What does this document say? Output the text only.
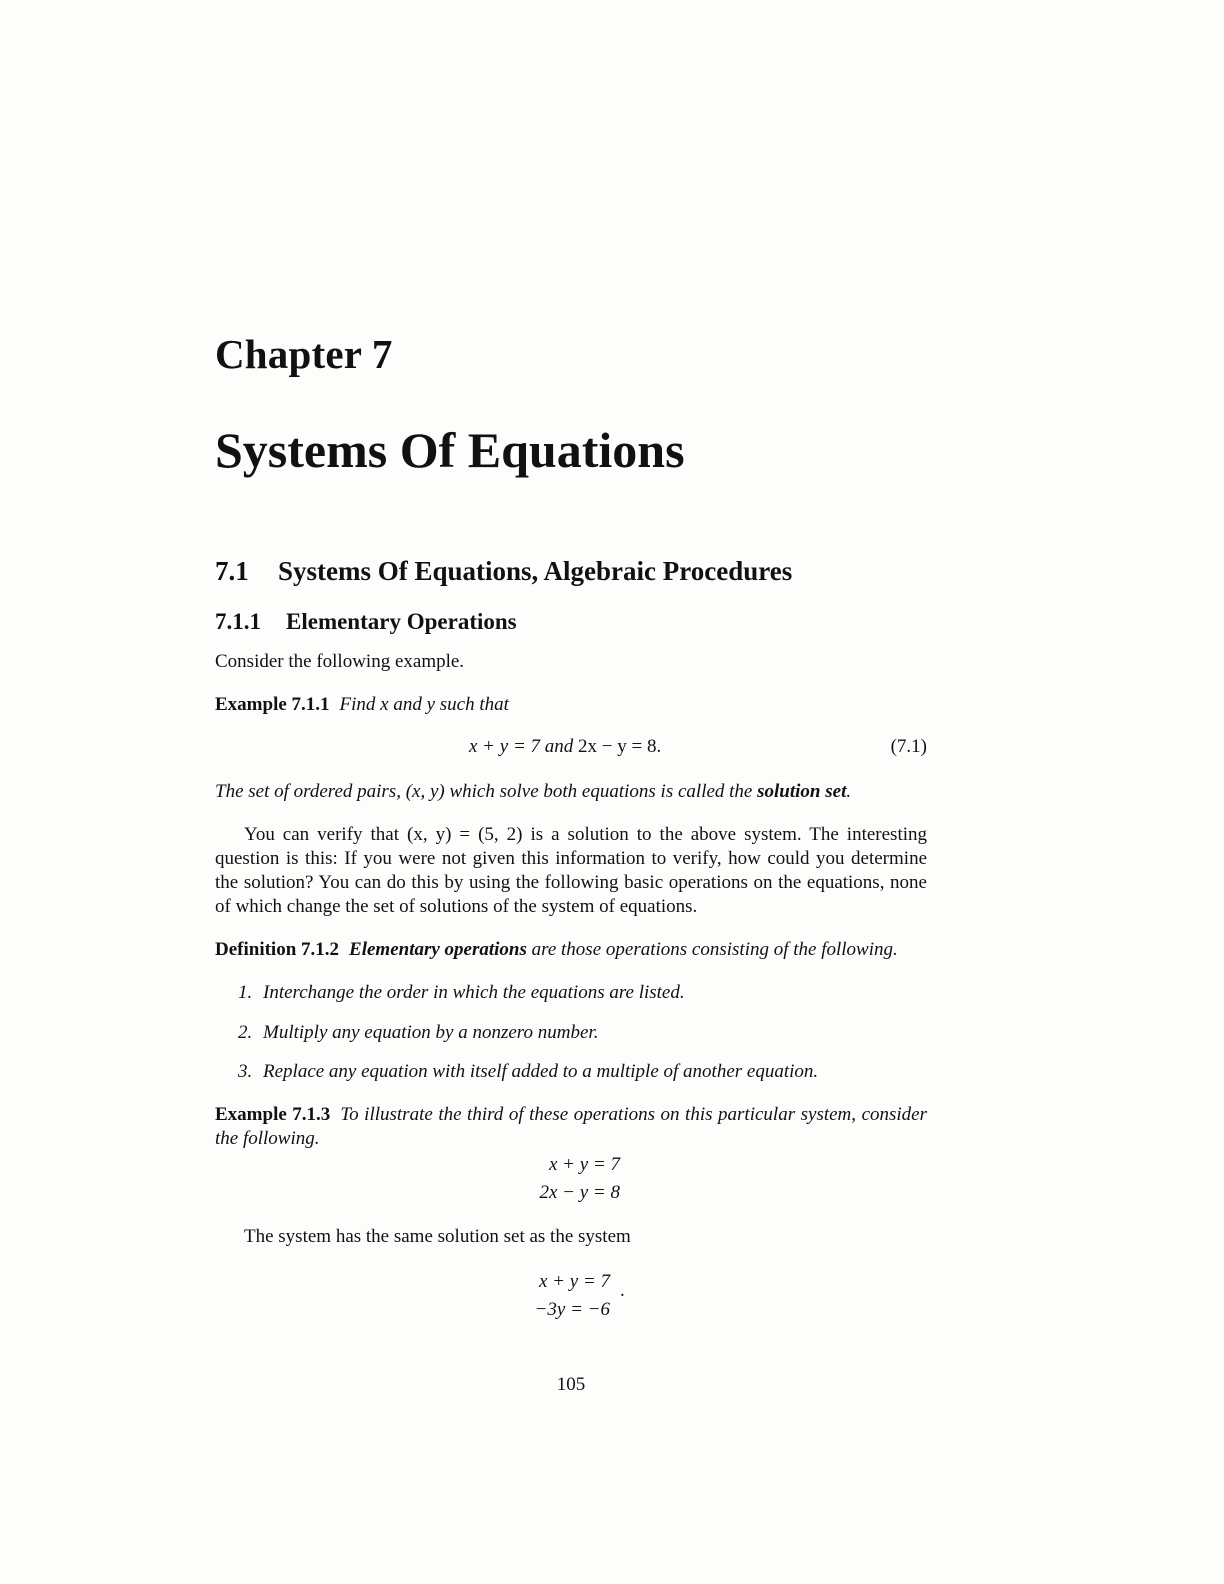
Chapter 7
Systems Of Equations
7.1 Systems Of Equations, Algebraic Procedures
7.1.1 Elementary Operations
Consider the following example.
Example 7.1.1 Find x and y such that
x + y = 7 and 2x − y = 8.	(7.1)
The set of ordered pairs, (x, y) which solve both equations is called the solution set.
You can verify that (x, y) = (5, 2) is a solution to the above system. The interesting question is this: If you were not given this information to verify, how could you determine the solution? You can do this by using the following basic operations on the equations, none of which change the set of solutions of the system of equations.
Definition 7.1.2 Elementary operations are those operations consisting of the following.
1. Interchange the order in which the equations are listed.
2. Multiply any equation by a nonzero number.
3. Replace any equation with itself added to a multiple of another equation.
Example 7.1.3 To illustrate the third of these operations on this particular system, consider the following.
x + y = 7
2x − y = 8
The system has the same solution set as the system
x + y = 7
−3y = −6
.
105
